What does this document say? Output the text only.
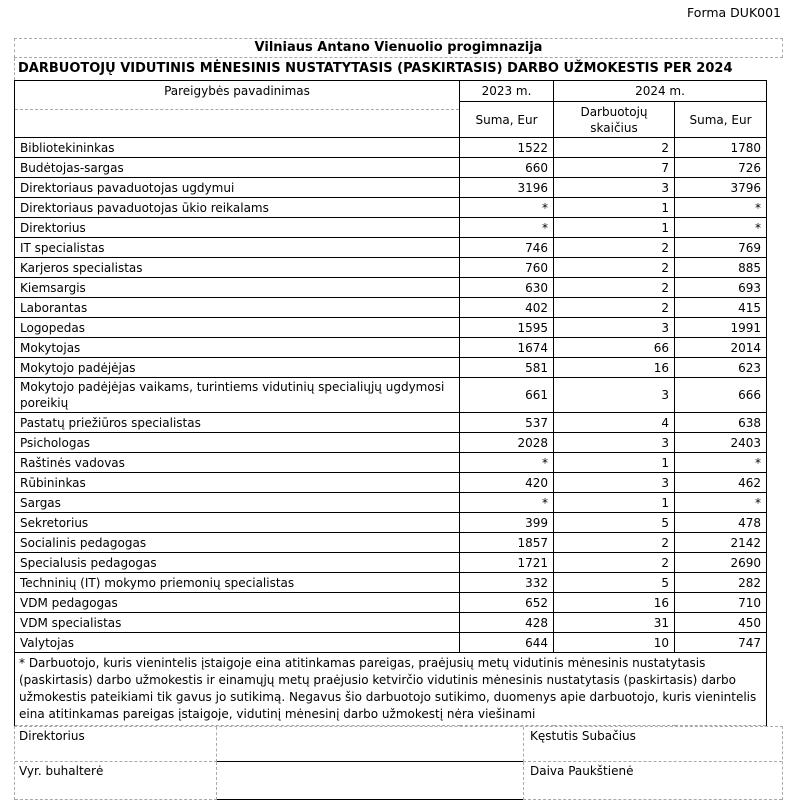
Forma DUK001
Vilniaus Antano Vienuolio progimnazija
DARBUOTOJŲ VIDUTINIS MĖNESINIS NUSTATYTASIS (PASKIRTASIS) DARBO UŽMOKESTIS PER 2024
Pareigybės pavadinimas	2023 m.	2024 m.	
	Suma, Eur	Darbuotojų skaičius	Suma, Eur
Bibliotekininkas	1522	2	1780
Budėtojas-sargas	660	7	726
Direktoriaus pavaduotojas ugdymui	3196	3	3796
Direktoriaus pavaduotojas ūkio reikalams	*	1	*
Direktorius	*	1	*
IT specialistas	746	2	769
Karjeros specialistas	760	2	885
Kiemsargis	630	2	693
Laborantas	402	2	415
Logopedas	1595	3	1991
Mokytojas	1674	66	2014
Mokytojo padėjėjas	581	16	623
Mokytojo padėjėjas vaikams, turintiems vidutinių specialiųjų ugdymosi poreikių	661	3	666
Pastatų priežiūros specialistas	537	4	638
Psichologas	2028	3	2403
Raštinės vadovas	*	1	*
Rūbininkas	420	3	462
Sargas	*	1	*
Sekretorius	399	5	478
Socialinis pedagogas	1857	2	2142
Specialusis pedagogas	1721	2	2690
Techninių (IT) mokymo priemonių specialistas	332	5	282
VDM pedagogas	652	16	710
VDM specialistas	428	31	450
Valytojas	644	10	747
* Darbuotojo, kuris vienintelis įstaigoje eina atitinkamas pareigas, praėjusių metų vidutinis mėnesinis nustatytasis (paskirtasis) darbo užmokestis ir einamųjų metų praėjusio ketvirčio vidutinis mėnesinis nustatytasis (paskirtasis) darbo užmokestis pateikiami tik gavus jo sutikimą. Negavus šio darbuotojo sutikimo, duomenys apie darbuotojo, kuris vienintelis eina atitinkamas pareigas įstaigoje, vidutinį mėnesinį darbo užmokestį nėra viešinami			
Direktorius	Kęstutis Subačius
Vyr. buhalterė	Daiva Paukštienė
